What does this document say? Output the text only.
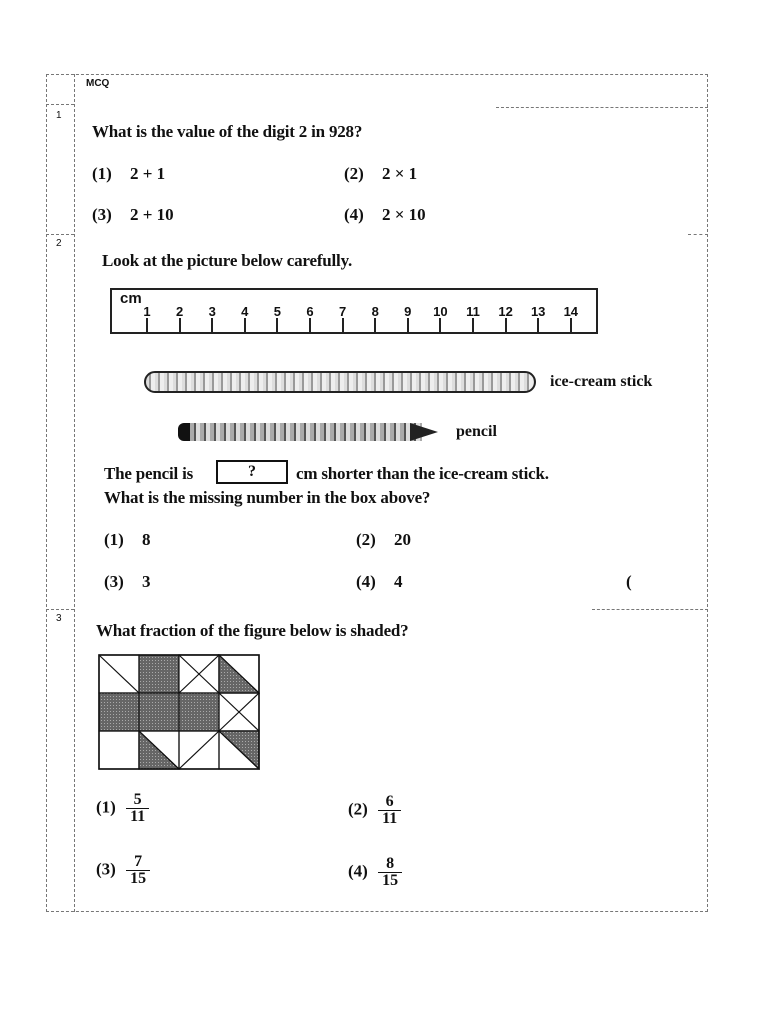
MCQ
1
What is the value of the digit 2 in 928?
(1) 2 + 1	(2) 2 × 1
(3) 2 + 10	(4) 2 × 10
2
Look at the picture below carefully.
cm
1 2 3 4 5 6 7 8 9 10 11 12 13 14
ice-cream stick
pencil
The pencil is	?	cm shorter than the ice-cream stick.
What is the missing number in the box above?
(1) 8	(2) 20
(3) 3	(4) 4	(
3
What fraction of the figure below is shaded?
$(1) \frac{5}{11}$	$(2) \frac{6}{11}$
$(3) \frac{7}{15}$	$(4) \frac{8}{15}$
